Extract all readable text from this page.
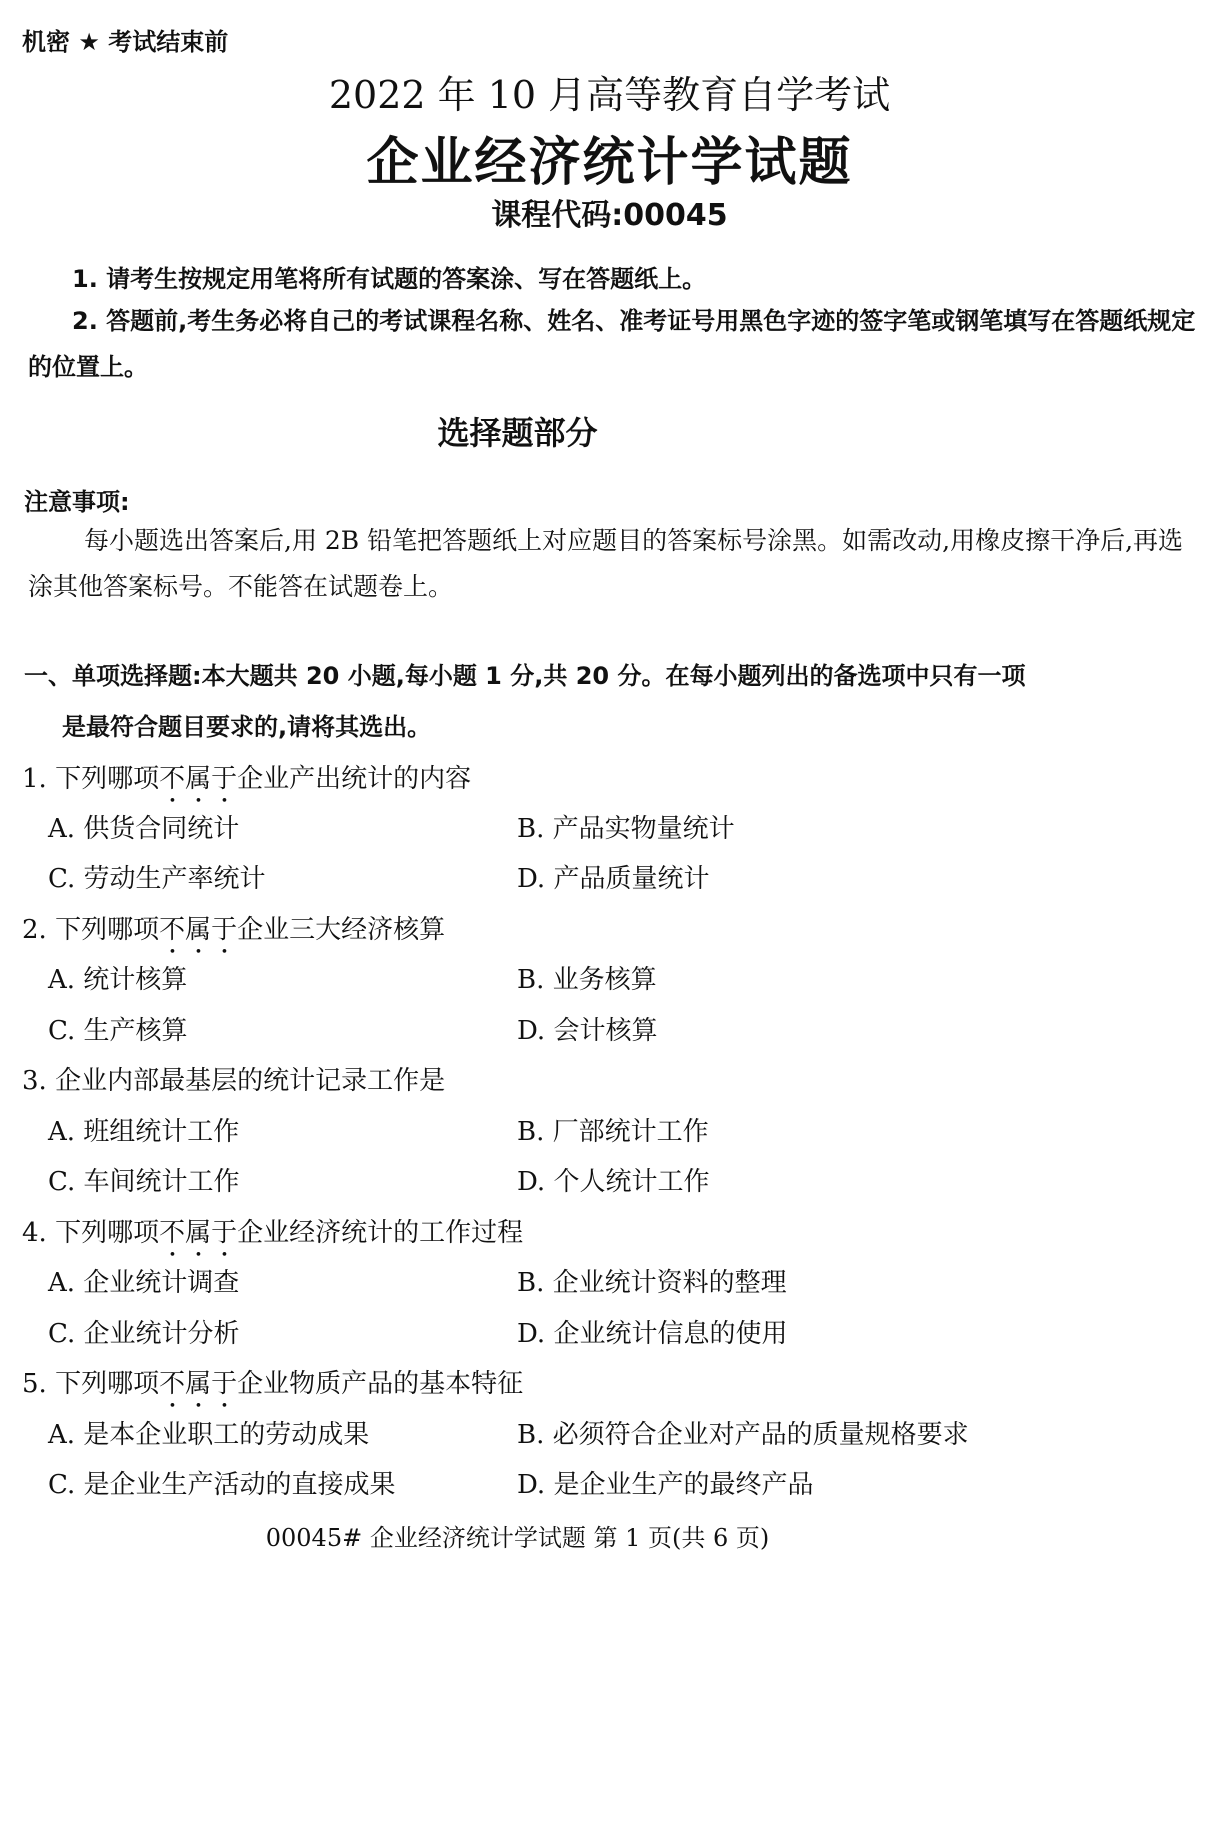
机密 ★ 考试结束前
2022 年 10 月高等教育自学考试
企业经济统计学试题
课程代码:00045
1. 请考生按规定用笔将所有试题的答案涂、写在答题纸上。
2. 答题前,考生务必将自己的考试课程名称、姓名、准考证号用黑色字迹的签字笔或钢笔填写在答题纸规定的位置上。
选择题部分
注意事项:
每小题选出答案后,用 2B 铅笔把答题纸上对应题目的答案标号涂黑。如需改动,用橡皮擦干净后,再选涂其他答案标号。不能答在试题卷上。
一、单项选择题:本大题共 20 小题,每小题 1 分,共 20 分。在每小题列出的备选项中只有一项
是最符合题目要求的,请将其选出。
1. 下列哪项不属于企业产出统计的内容
A. 供货合同统计	B. 产品实物量统计
C. 劳动生产率统计	D. 产品质量统计
2. 下列哪项不属于企业三大经济核算
A. 统计核算	B. 业务核算
C. 生产核算	D. 会计核算
3. 企业内部最基层的统计记录工作是
A. 班组统计工作	B. 厂部统计工作
C. 车间统计工作	D. 个人统计工作
4. 下列哪项不属于企业经济统计的工作过程
A. 企业统计调查	B. 企业统计资料的整理
C. 企业统计分析	D. 企业统计信息的使用
5. 下列哪项不属于企业物质产品的基本特征
A. 是本企业职工的劳动成果	B. 必须符合企业对产品的质量规格要求
C. 是企业生产活动的直接成果	D. 是企业生产的最终产品
00045# 企业经济统计学试题 第 1 页(共 6 页)
